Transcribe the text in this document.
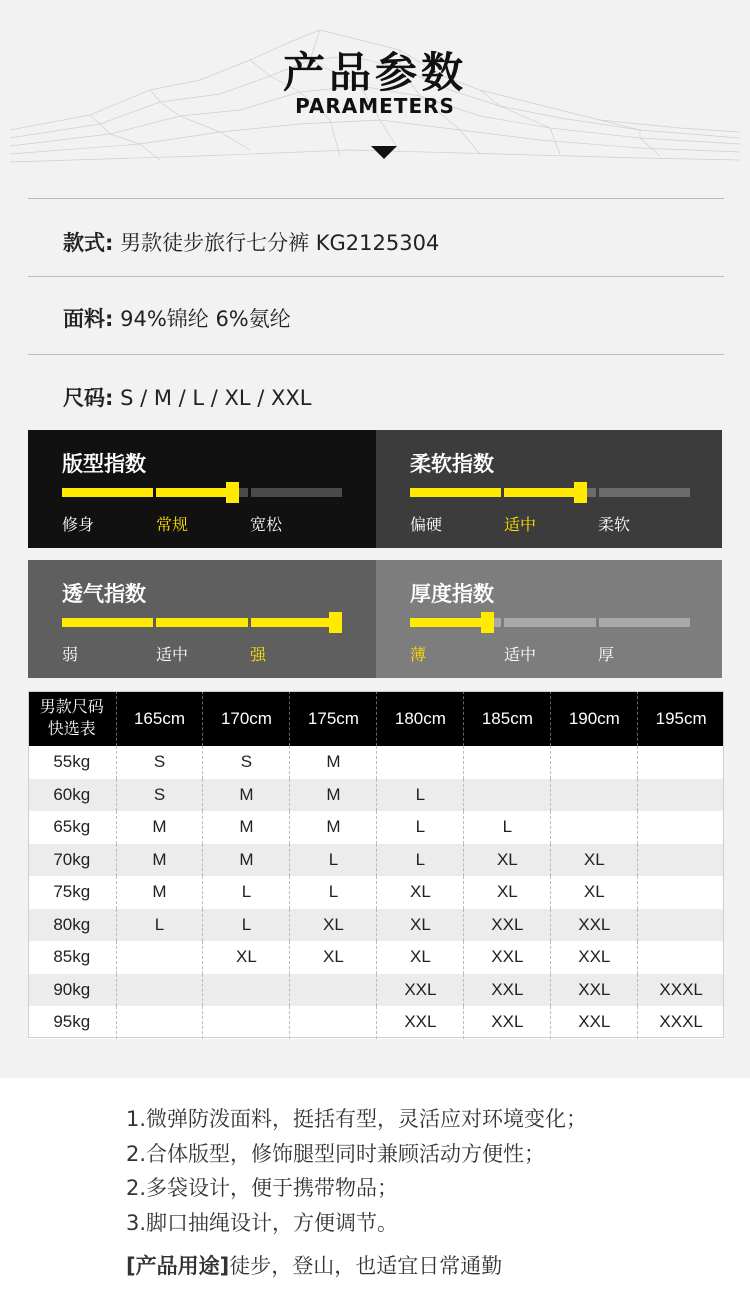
产品参数
PARAMETERS
款式: 男款徒步旅行七分裤 KG2125304
面料: 94%锦纶 6%氨纶
尺码: S / M / L / XL / XXL
版型指数
修身	常规	宽松
柔软指数
偏硬	适中	柔软
透气指数
弱	适中	强
厚度指数
薄	适中	厚
男款尺码
快选表	165cm	170cm	175cm	180cm	185cm	190cm	195cm
55kg	S	S	M				
60kg	S	M	M	L			
65kg	M	M	M	L	L		
70kg	M	M	L	L	XL	XL	
75kg	M	L	L	XL	XL	XL	
80kg	L	L	XL	XL	XXL	XXL	
85kg		XL	XL	XL	XXL	XXL	
90kg				XXL	XXL	XXL	XXXL
95kg				XXL	XXL	XXL	XXXL
1.微弹防泼面料，挺括有型，灵活应对环境变化；
2.合体版型，修饰腿型同时兼顾活动方便性；
2.多袋设计，便于携带物品；
3.脚口抽绳设计，方便调节。
[产品用途]徒步，登山，也适宜日常通勤
